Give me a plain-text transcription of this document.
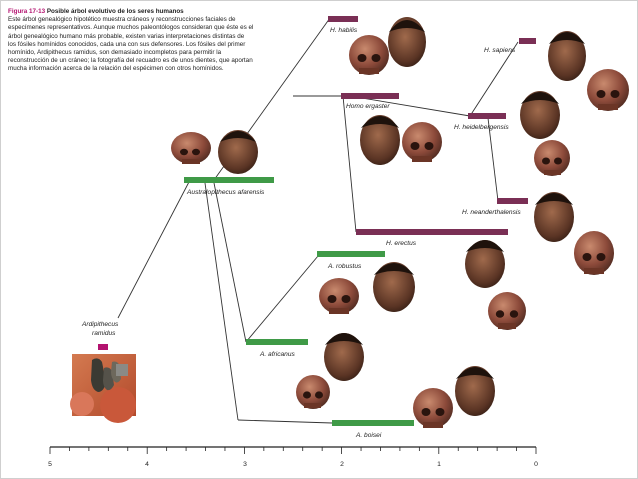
Figura 17-13 Posible árbol evolutivo de los seres humanos
Este árbol genealógico hipotético muestra cráneos y reconstrucciones faciales de especímenes representativos. Aunque muchos paleontólogos consideran que éste es el árbol genealógico humano más probable, existen varias interpretaciones distintas de los fósiles homínidos conocidos, cada una con sus defensores. Los fósiles del primer homínido, Ardipithecus ramidus, son demasiado incompletos para permitir la reconstrucción de un cráneo; la fotografía del recuadro es de unos dientes, que aportan mucha información acerca de la relación del espécimen con otros homínidos.
H. habilis
H. sapiens
Homo ergaster
H. heidelbergensis
H. neanderthalensis
H. erectus
Australopithecus afarensis
A. robustus
A. africanus
A. boisei
Ardipithecus
ramidus
5	4	3	2	1	0
